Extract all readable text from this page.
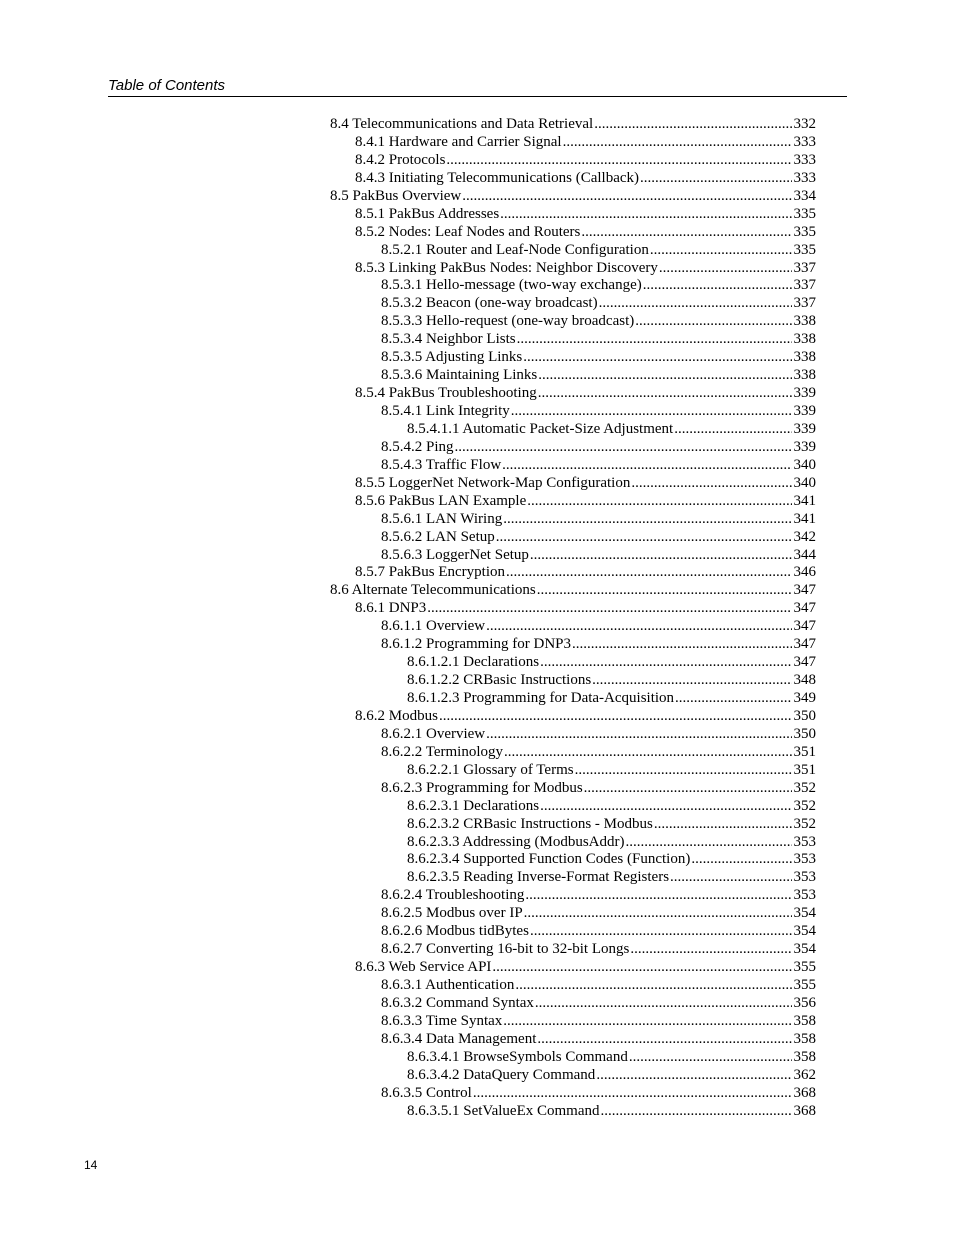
Table of Contents
8.4 Telecommunications and Data Retrieval .....	332
8.4.1 Hardware and Carrier Signal .....	333
8.4.2 Protocols .....	333
8.4.3 Initiating Telecommunications (Callback) .....	333
8.5 PakBus Overview .....	334
8.5.1 PakBus Addresses .....	335
8.5.2 Nodes: Leaf Nodes and Routers .....	335
8.5.2.1 Router and Leaf-Node Configuration .....	335
8.5.3 Linking PakBus Nodes: Neighbor Discovery .....	337
8.5.3.1 Hello-message (two-way exchange) .....	337
8.5.3.2 Beacon (one-way broadcast) .....	337
8.5.3.3 Hello-request (one-way broadcast) .....	338
8.5.3.4 Neighbor Lists .....	338
8.5.3.5 Adjusting Links .....	338
8.5.3.6 Maintaining Links .....	338
8.5.4 PakBus Troubleshooting .....	339
8.5.4.1 Link Integrity .....	339
8.5.4.1.1 Automatic Packet-Size Adjustment .....	339
8.5.4.2 Ping .....	339
8.5.4.3 Traffic Flow .....	340
8.5.5 LoggerNet Network-Map Configuration .....	340
8.5.6 PakBus LAN Example .....	341
8.5.6.1 LAN Wiring .....	341
8.5.6.2 LAN Setup .....	342
8.5.6.3 LoggerNet Setup .....	344
8.5.7 PakBus Encryption .....	346
8.6 Alternate Telecommunications .....	347
8.6.1 DNP3 .....	347
8.6.1.1 Overview .....	347
8.6.1.2 Programming for DNP3 .....	347
8.6.1.2.1 Declarations .....	347
8.6.1.2.2 CRBasic Instructions .....	348
8.6.1.2.3 Programming for Data-Acquisition .....	349
8.6.2 Modbus .....	350
8.6.2.1 Overview .....	350
8.6.2.2 Terminology .....	351
8.6.2.2.1 Glossary of Terms .....	351
8.6.2.3 Programming for Modbus .....	352
8.6.2.3.1 Declarations .....	352
8.6.2.3.2 CRBasic Instructions - Modbus .....	352
8.6.2.3.3 Addressing (ModbusAddr) .....	353
8.6.2.3.4 Supported Function Codes (Function) .....	353
8.6.2.3.5 Reading Inverse-Format Registers .....	353
8.6.2.4 Troubleshooting .....	353
8.6.2.5 Modbus over IP .....	354
8.6.2.6 Modbus tidBytes .....	354
8.6.2.7 Converting 16-bit to 32-bit Longs .....	354
8.6.3 Web Service API .....	355
8.6.3.1 Authentication .....	355
8.6.3.2 Command Syntax .....	356
8.6.3.3 Time Syntax .....	358
8.6.3.4 Data Management .....	358
8.6.3.4.1 BrowseSymbols Command .....	358
8.6.3.4.2 DataQuery Command .....	362
8.6.3.5 Control .....	368
8.6.3.5.1 SetValueEx Command .....	368
14
